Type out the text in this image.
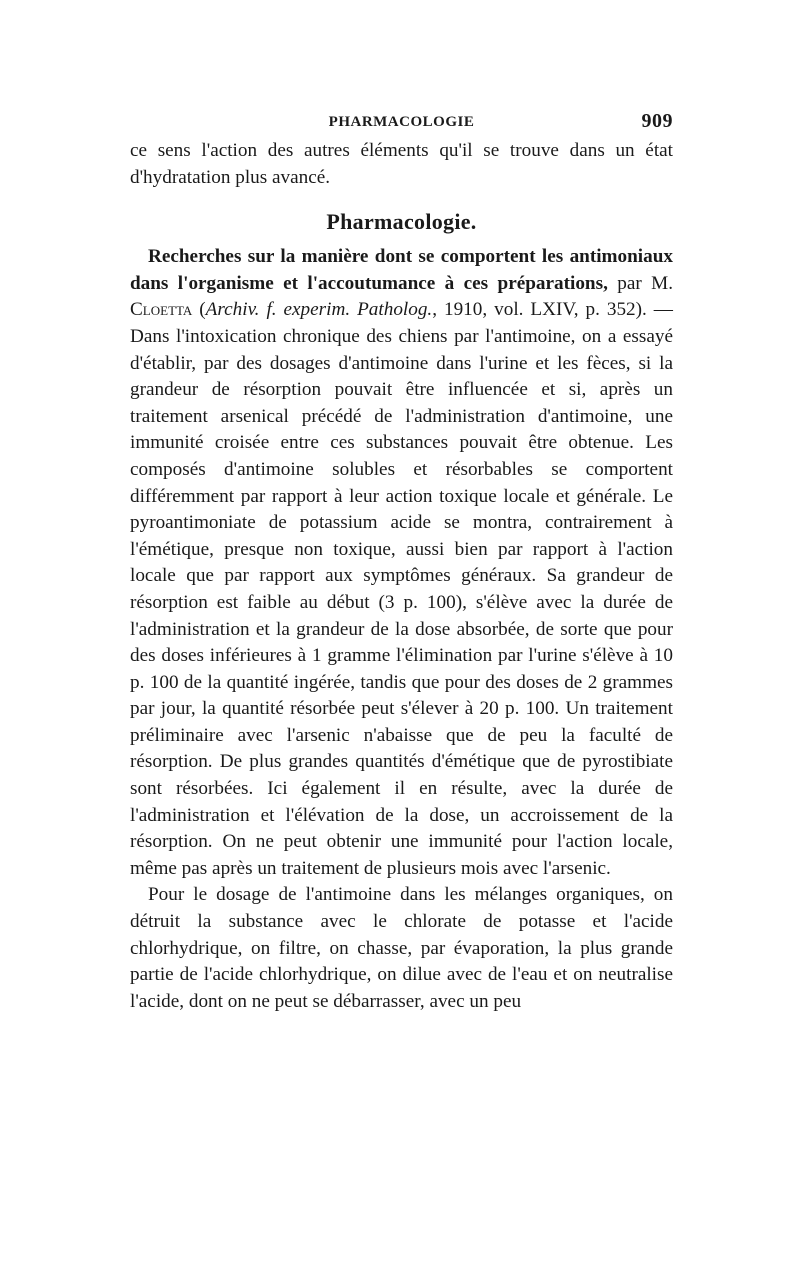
PHARMACOLOGIE	909

ce sens l'action des autres éléments qu'il se trouve dans un état d'hydratation plus avancé.

Pharmacologie.

Recherches sur la manière dont se comportent les antimoniaux dans l'organisme et l'accoutumance à ces préparations, par M. Cloetta (Archiv. f. experim. Patholog., 1910, vol. LXIV, p. 352). — Dans l'intoxication chronique des chiens par l'antimoine, on a essayé d'établir, par des dosages d'antimoine dans l'urine et les fèces, si la grandeur de résorption pouvait être influencée et si, après un traitement arsenical précédé de l'administration d'antimoine, une immunité croisée entre ces substances pouvait être obtenue. Les composés d'antimoine solubles et résorbables se comportent différemment par rapport à leur action toxique locale et générale. Le pyroantimoniate de potassium acide se montra, contrairement à l'émétique, presque non toxique, aussi bien par rapport à l'action locale que par rapport aux symptômes généraux. Sa grandeur de résorption est faible au début (3 p. 100), s'élève avec la durée de l'administration et la grandeur de la dose absorbée, de sorte que pour des doses inférieures à 1 gramme l'élimination par l'urine s'élève à 10 p. 100 de la quantité ingérée, tandis que pour des doses de 2 grammes par jour, la quantité résorbée peut s'élever à 20 p. 100. Un traitement préliminaire avec l'arsenic n'abaisse que de peu la faculté de résorption. De plus grandes quantités d'émétique que de pyrostibiate sont résorbées. Ici également il en résulte, avec la durée de l'administration et l'élévation de la dose, un accroissement de la résorption. On ne peut obtenir une immunité pour l'action locale, même pas après un traitement de plusieurs mois avec l'arsenic.

Pour le dosage de l'antimoine dans les mélanges organiques, on détruit la substance avec le chlorate de potasse et l'acide chlorhydrique, on filtre, on chasse, par évaporation, la plus grande partie de l'acide chlorhydrique, on dilue avec de l'eau et on neutralise l'acide, dont on ne peut se débarrasser, avec un peu
